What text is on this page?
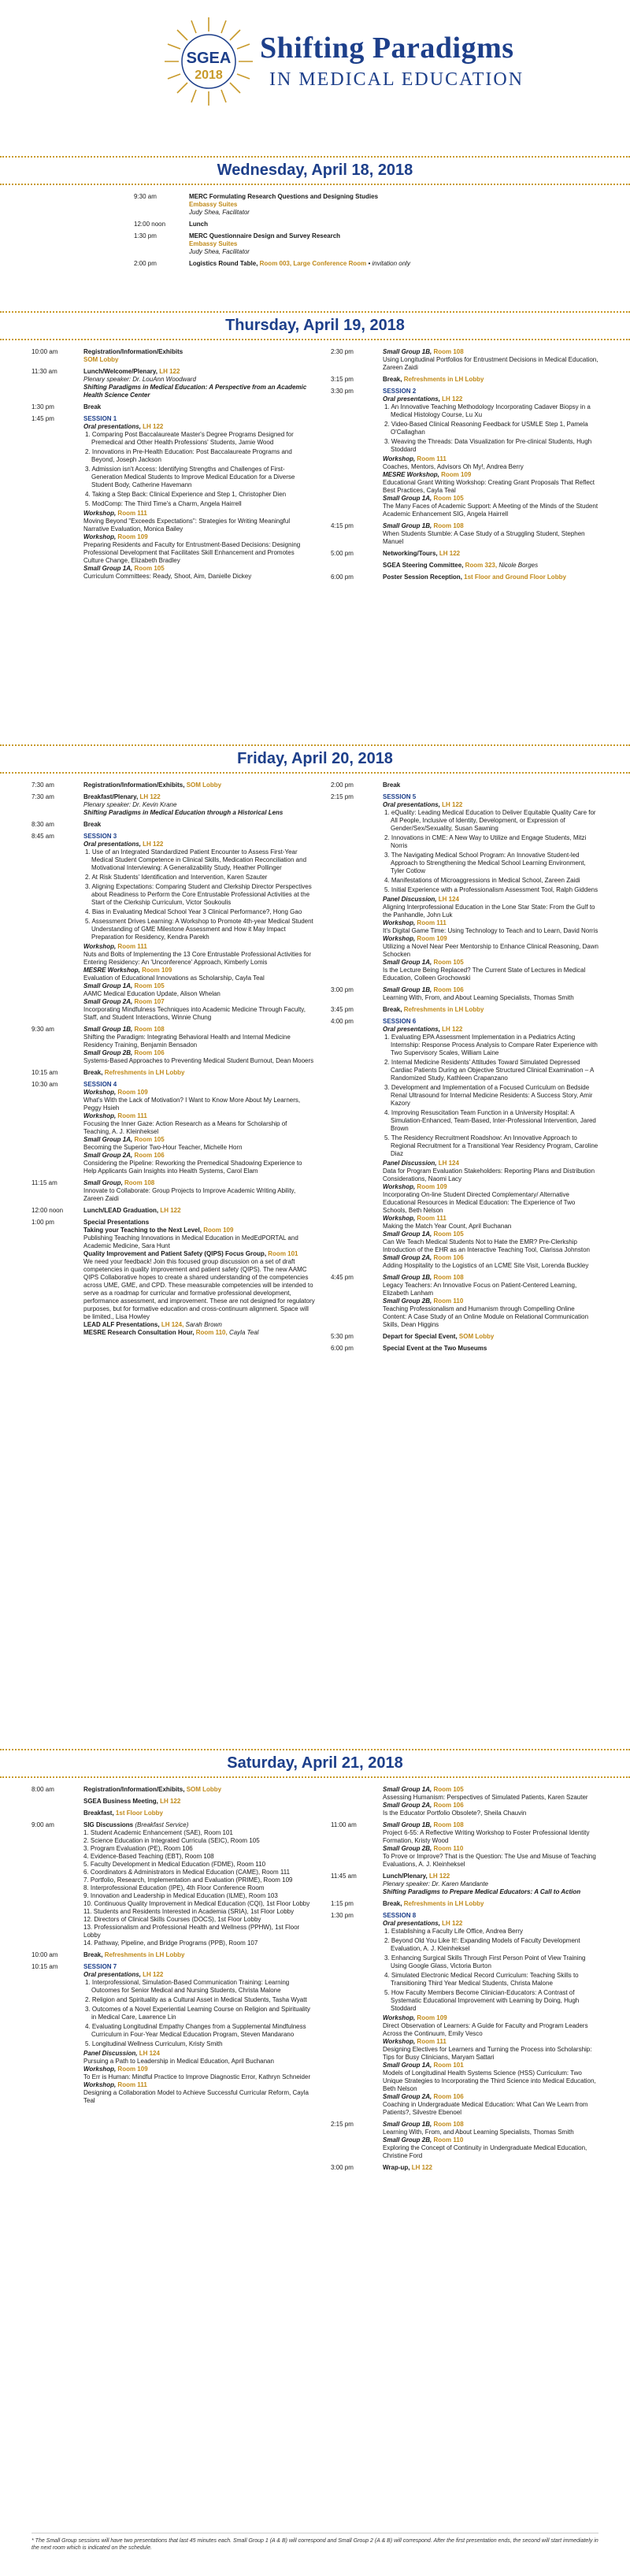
SGEA
2018
Shifting Paradigms
IN MEDICAL EDUCATION
Wednesday, April 18, 2018
9:30 am	MERC Formulating Research Questions and Designing Studies
Embassy Suites
Judy Shea, Facilitator
12:00 noon	Lunch
1:30 pm	MERC Questionnaire Design and Survey Research
Embassy Suites
Judy Shea, Facilitator
2:00 pm	Logistics Round Table, Room 003, Large Conference Room • invitation only
Thursday, April 19, 2018
10:00 am	Registration/Information/Exhibits
SOM Lobby
11:30 am	Lunch/Welcome/Plenary, LH 122
Plenary speaker: Dr. LouAnn Woodward
Shifting Paradigms in Medical Education: A Perspective from an Academic Health Science Center
1:30 pm	Break
1:45 pm	SESSION 1
Oral presentations, LH 122
1. Comparing Post Baccalaureate Master's Degree Programs Designed for Premedical and Other Health Professions' Students, Jamie Wood
2. Innovations in Pre-Health Education: Post Baccalaureate Programs and Beyond, Joseph Jackson
3. Admission isn't Access: Identifying Strengths and Challenges of First-Generation Medical Students to Improve Medical Education for a Diverse Student Body, Catherine Havemann
4. Taking a Step Back: Clinical Experience and Step 1, Christopher Dien
5. ModComp: The Third Time's a Charm, Angela Hairrell
Workshop, Room 111
Moving Beyond "Exceeds Expectations": Strategies for Writing Meaningful Narrative Evaluation, Monica Bailey
Workshop, Room 109
Preparing Residents and Faculty for Entrustment-Based Decisions: Designing Professional Development that Facilitates Skill Enhancement and Promotes Culture Change, Elizabeth Bradley
Small Group 1A, Room 105
Curriculum Committees: Ready, Shoot, Aim, Danielle Dickey
2:30 pm	Small Group 1B, Room 108
Using Longitudinal Portfolios for Entrustment Decisions in Medical Education, Zareen Zaidi
3:15 pm	Break, Refreshments in LH Lobby
3:30 pm	SESSION 2
Oral presentations, LH 122
1. An Innovative Teaching Methodology Incorporating Cadaver Biopsy in a Medical Histology Course, Lu Xu
2. Video-Based Clinical Reasoning Feedback for USMLE Step 1, Pamela O'Callaghan
3. Weaving the Threads: Data Visualization for Pre-clinical Students, Hugh Stoddard
Workshop, Room 111
Coaches, Mentors, Advisors Oh My!, Andrea Berry
MESRE Workshop, Room 109
Educational Grant Writing Workshop: Creating Grant Proposals That Reflect Best Practices, Cayla Teal
Small Group 1A, Room 105
The Many Faces of Academic Support: A Meeting of the Minds of the Student Academic Enhancement SIG, Angela Hairrell
4:15 pm	Small Group 1B, Room 108
When Students Stumble: A Case Study of a Struggling Student, Stephen Manuel
5:00 pm	Networking/Tours, LH 122
SGEA Steering Committee, Room 323, Nicole Borges
6:00 pm	Poster Session Reception, 1st Floor and Ground Floor Lobby
Friday, April 20, 2018
7:30 am	Registration/Information/Exhibits, SOM Lobby
7:30 am	Breakfast/Plenary, LH 122
Plenary speaker: Dr. Kevin Krane
Shifting Paradigms in Medical Education through a Historical Lens
8:30 am	Break
8:45 am	SESSION 3
Oral presentations, LH 122
1. Use of an Integrated Standardized Patient Encounter to Assess First-Year Medical Student Competence in Clinical Skills, Medication Reconciliation and Motivational Interviewing: A Generalizability Study, Heather Pollinger
2. At Risk Students' Identification and Intervention, Karen Szauter
3. Aligning Expectations: Comparing Student and Clerkship Director Perspectives about Readiness to Perform the Core Entrustable Professional Activities at the Start of the Clerkship Curriculum, Victor Soukoulis
4. Bias in Evaluating Medical School Year 3 Clinical Performance?, Hong Gao
5. Assessment Drives Learning: A Workshop to Promote 4th-year Medical Student Understanding of GME Milestone Assessment and How it May Impact Preparation for Residency, Kendra Parekh
Workshop, Room 111
Nuts and Bolts of Implementing the 13 Core Entrustable Professional Activities for Entering Residency: An 'Unconference' Approach, Kimberly Lomis
MESRE Workshop, Room 109
Evaluation of Educational Innovations as Scholarship, Cayla Teal
Small Group 1A, Room 105
AAMC Medical Education Update, Alison Whelan
Small Group 2A, Room 107
Incorporating Mindfulness Techniques into Academic Medicine Through Faculty, Staff, and Student Interactions, Winnie Chung
9:30 am	Small Group 1B, Room 108
Shifting the Paradigm: Integrating Behavioral Health and Internal Medicine Residency Training, Benjamin Bensadon
Small Group 2B, Room 106
Systems-Based Approaches to Preventing Medical Student Burnout, Dean Mooers
10:15 am	Break, Refreshments in LH Lobby
10:30 am	SESSION 4
Workshop, Room 109
What's With the Lack of Motivation? I Want to Know More About My Learners, Peggy Hsieh
Workshop, Room 111
Focusing the Inner Gaze: Action Research as a Means for Scholarship of Teaching, A. J. Kleinheksel
Small Group 1A, Room 105
Becoming the Superior Two-Hour Teacher, Michelle Horn
Small Group 2A, Room 106
Considering the Pipeline: Reworking the Premedical Shadowing Experience to Help Applicants Gain Insights into Health Systems, Carol Elam
11:15 am	Small Group, Room 108
Innovate to Collaborate: Group Projects to Improve Academic Writing Ability, Zareen Zaidi
12:00 noon	Lunch/LEAD Graduation, LH 122
1:00 pm	Special Presentations
Taking your Teaching to the Next Level, Room 109
Publishing Teaching Innovations in Medical Education in MedEdPORTAL and Academic Medicine, Sara Hunt
Quality Improvement and Patient Safety (QIPS) Focus Group, Room 101
We need your feedback! Join this focused group discussion on a set of draft competencies in quality improvement and patient safety (QIPS). The new AAMC QIPS Collaborative hopes to create a shared understanding of the competencies across UME, GME, and CPD. These measurable competencies will be intended to serve as a roadmap for curricular and formative professional development, performance assessment, and improvement. These are not designed for regulatory purposes, but for formative education and cross-continuum alignment. Space will be limited., Lisa Howley
LEAD ALF Presentations, LH 124, Sarah Brown
MESRE Research Consultation Hour, Room 110, Cayla Teal
2:00 pm	Break
2:15 pm	SESSION 5
Oral presentations, LH 122
1. eQuality: Leading Medical Education to Deliver Equitable Quality Care for All People, Inclusive of Identity, Development, or Expression of Gender/Sex/Sexuality, Susan Sawning
2. Innovations in CME: A New Way to Utilize and Engage Students, Mitzi Norris
3. The Navigating Medical School Program: An Innovative Student-led Approach to Strengthening the Medical School Learning Environment, Tyler Cotlow
4. Manifestations of Microaggressions in Medical School, Zareen Zaidi
5. Initial Experience with a Professionalism Assessment Tool, Ralph Giddens
Panel Discussion, LH 124
Aligning Interprofessional Education in the Lone Star State: From the Gulf to the Panhandle, John Luk
Workshop, Room 111
It's Digital Game Time: Using Technology to Teach and to Learn, David Norris
Workshop, Room 109
Utilizing a Novel Near Peer Mentorship to Enhance Clinical Reasoning, Dawn Schocken
Small Group 1A, Room 105
Is the Lecture Being Replaced? The Current State of Lectures in Medical Education, Colleen Grochowski
3:00 pm	Small Group 1B, Room 106
Learning With, From, and About Learning Specialists, Thomas Smith
3:45 pm	Break, Refreshments in LH Lobby
4:00 pm	SESSION 6
Oral presentations, LH 122
1. Evaluating EPA Assessment Implementation in a Pediatrics Acting Internship: Response Process Analysis to Compare Rater Experience with Two Supervisory Scales, William Laine
2. Internal Medicine Residents' Attitudes Toward Simulated Depressed Cardiac Patients During an Objective Structured Clinical Examination – A Randomized Study, Kathleen Crapanzano
3. Development and Implementation of a Focused Curriculum on Bedside Renal Ultrasound for Internal Medicine Residents: A Success Story, Amir Kazory
4. Improving Resuscitation Team Function in a University Hospital: A Simulation-Enhanced, Team-Based, Inter-Professional Intervention, Jared Brown
5. The Residency Recruitment Roadshow: An Innovative Approach to Regional Recruitment for a Transitional Year Residency Program, Caroline Diaz
Panel Discussion, LH 124
Data for Program Evaluation Stakeholders: Reporting Plans and Distribution Considerations, Naomi Lacy
Workshop, Room 109
Incorporating On-line Student Directed Complementary/ Alternative Educational Resources in Medical Education: The Experience of Two Schools, Beth Nelson
Workshop, Room 111
Making the Match Year Count, April Buchanan
Small Group 1A, Room 105
Can We Teach Medical Students Not to Hate the EMR? Pre-Clerkship Introduction of the EHR as an Interactive Teaching Tool, Clarissa Johnston
Small Group 2A, Room 106
Adding Hospitality to the Logistics of an LCME Site Visit, Lorenda Buckley
4:45 pm	Small Group 1B, Room 108
Legacy Teachers: An Innovative Focus on Patient-Centered Learning, Elizabeth Lanham
Small Group 2B, Room 110
Teaching Professionalism and Humanism through Compelling Online Content: A Case Study of an Online Module on Relational Communication Skills, Dean Higgins
5:30 pm	Depart for Special Event, SOM Lobby
6:00 pm	Special Event at the Two Museums
Saturday, April 21, 2018
8:00 am	Registration/Information/Exhibits, SOM Lobby
SGEA Business Meeting, LH 122
Breakfast, 1st Floor Lobby
9:00 am	SIG Discussions (Breakfast Service)
1. Student Academic Enhancement (SAE), Room 101
2. Science Education in Integrated Curricula (SEIC), Room 105
3. Program Evaluation (PE), Room 106
4. Evidence-Based Teaching (EBT), Room 108
5. Faculty Development in Medical Education (FDME), Room 110
6. Coordinators & Administrators in Medical Education (CAME), Room 111
7. Portfolio, Research, Implementation and Evaluation (PRIME), Room 109
8. Interprofessional Education (IPE), 4th Floor Conference Room
9. Innovation and Leadership in Medical Education (ILME), Room 103
10. Continuous Quality Improvement in Medical Education (CQI), 1st Floor Lobby
11. Students and Residents Interested in Academia (SRIA), 1st Floor Lobby
12. Directors of Clinical Skills Courses (DOCS), 1st Floor Lobby
13. Professionalism and Professional Health and Wellness (PPHW), 1st Floor Lobby
14. Pathway, Pipeline, and Bridge Programs (PPB), Room 107
10:00 am	Break, Refreshments in LH Lobby
10:15 am	SESSION 7
Oral presentations, LH 122
1. Interprofessional, Simulation-Based Communication Training: Learning Outcomes for Senior Medical and Nursing Students, Christa Malone
2. Religion and Spirituality as a Cultural Asset in Medical Students, Tasha Wyatt
3. Outcomes of a Novel Experiential Learning Course on Religion and Spirituality in Medical Care, Lawrence Lin
4. Evaluating Longitudinal Empathy Changes from a Supplemental Mindfulness Curriculum in Four-Year Medical Education Program, Steven Mandarano
5. Longitudinal Wellness Curriculum, Kristy Smith
Panel Discussion, LH 124
Pursuing a Path to Leadership in Medical Education, April Buchanan
Workshop, Room 109
To Err is Human: Mindful Practice to Improve Diagnostic Error, Kathryn Schneider
Workshop, Room 111
Designing a Collaboration Model to Achieve Successful Curricular Reform, Cayla Teal
Small Group 1A, Room 105
Assessing Humanism: Perspectives of Simulated Patients, Karen Szauter
Small Group 2A, Room 106
Is the Educator Portfolio Obsolete?, Sheila Chauvin
11:00 am	Small Group 1B, Room 108
Project 6-55: A Reflective Writing Workshop to Foster Professional Identity Formation, Kristy Wood
Small Group 2B, Room 110
To Prove or Improve? That is the Question: The Use and Misuse of Teaching Evaluations, A. J. Kleinheksel
11:45 am	Lunch/Plenary, LH 122
Plenary speaker: Dr. Karen Mandante
Shifting Paradigms to Prepare Medical Educators: A Call to Action
1:15 pm	Break, Refreshments in LH Lobby
1:30 pm	SESSION 8
Oral presentations, LH 122
1. Establishing a Faculty Life Office, Andrea Berry
2. Beyond Old You Like It!: Expanding Models of Faculty Development Evaluation, A. J. Kleinheksel
3. Enhancing Surgical Skills Through First Person Point of View Training Using Google Glass, Victoria Burton
4. Simulated Electronic Medical Record Curriculum: Teaching Skills to Transitioning Third Year Medical Students, Christa Malone
5. How Faculty Members Become Clinician-Educators: A Contrast of Systematic Educational Improvement with Learning by Doing, Hugh Stoddard
Workshop, Room 109
Direct Observation of Learners: A Guide for Faculty and Program Leaders Across the Continuum, Emily Vesco
Workshop, Room 111
Designing Electives for Learners and Turning the Process into Scholarship: Tips for Busy Clinicians, Maryam Sattari
Small Group 1A, Room 101
Models of Longitudinal Health Systems Science (HSS) Curriculum: Two Unique Strategies to Incorporating the Third Science into Medical Education, Beth Nelson
Small Group 2A, Room 106
Coaching in Undergraduate Medical Education: What Can We Learn from Patients?, Silvestre Ebenoel
2:15 pm	Small Group 1B, Room 108
Learning With, From, and About Learning Specialists, Thomas Smith
Small Group 2B, Room 110
Exploring the Concept of Continuity in Undergraduate Medical Education, Christine Ford
3:00 pm	Wrap-up, LH 122
* The Small Group sessions will have two presentations that last 45 minutes each. Small Group 1 (A & B) will correspond and Small Group 2 (A & B) will correspond. After the first presentation ends, the second will start immediately in the next room which is indicated on the schedule.
